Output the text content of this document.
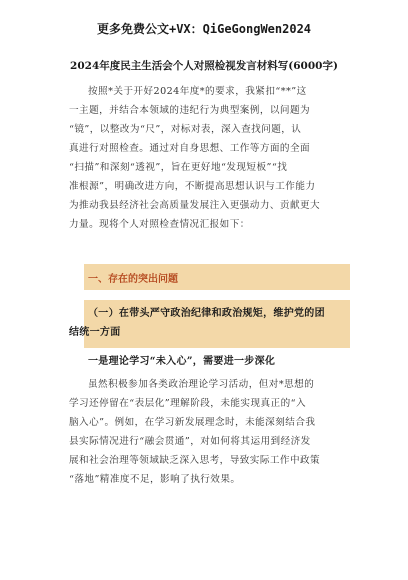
更多免费公文+VX：QiGeGongWen2024
2024年度民主生活会个人对照检视发言材料写(6000字)
按照*关于开好2024年度*的要求，我紧扣“**”这
一主题，并结合本领域的违纪行为典型案例，以问题为
“镜”，以整改为“尺”，对标对表，深入查找问题，认
真进行对照检查。通过对自身思想、工作等方面的全面
“扫描”和深刻“透视”，旨在更好地“发现短板”“找
准根源”，明确改进方向，不断提高思想认识与工作能力
为推动我县经济社会高质量发展注入更强动力、贡献更大
力量。现将个人对照检查情况汇报如下：
一、存在的突出问题
（一）在带头严守政治纪律和政治规矩，维护党的团
结统一方面
一是理论学习“未入心”，需要进一步深化
虽然积极参加各类政治理论学习活动，但对*思想的
学习还停留在“表层化”理解阶段，未能实现真正的“入
脑入心”。例如，在学习新发展理念时，未能深刻结合我
县实际情况进行“融会贯通”，对如何将其运用到经济发
展和社会治理等领域缺乏深入思考，导致实际工作中政策
“落地”精准度不足，影响了执行效果。
